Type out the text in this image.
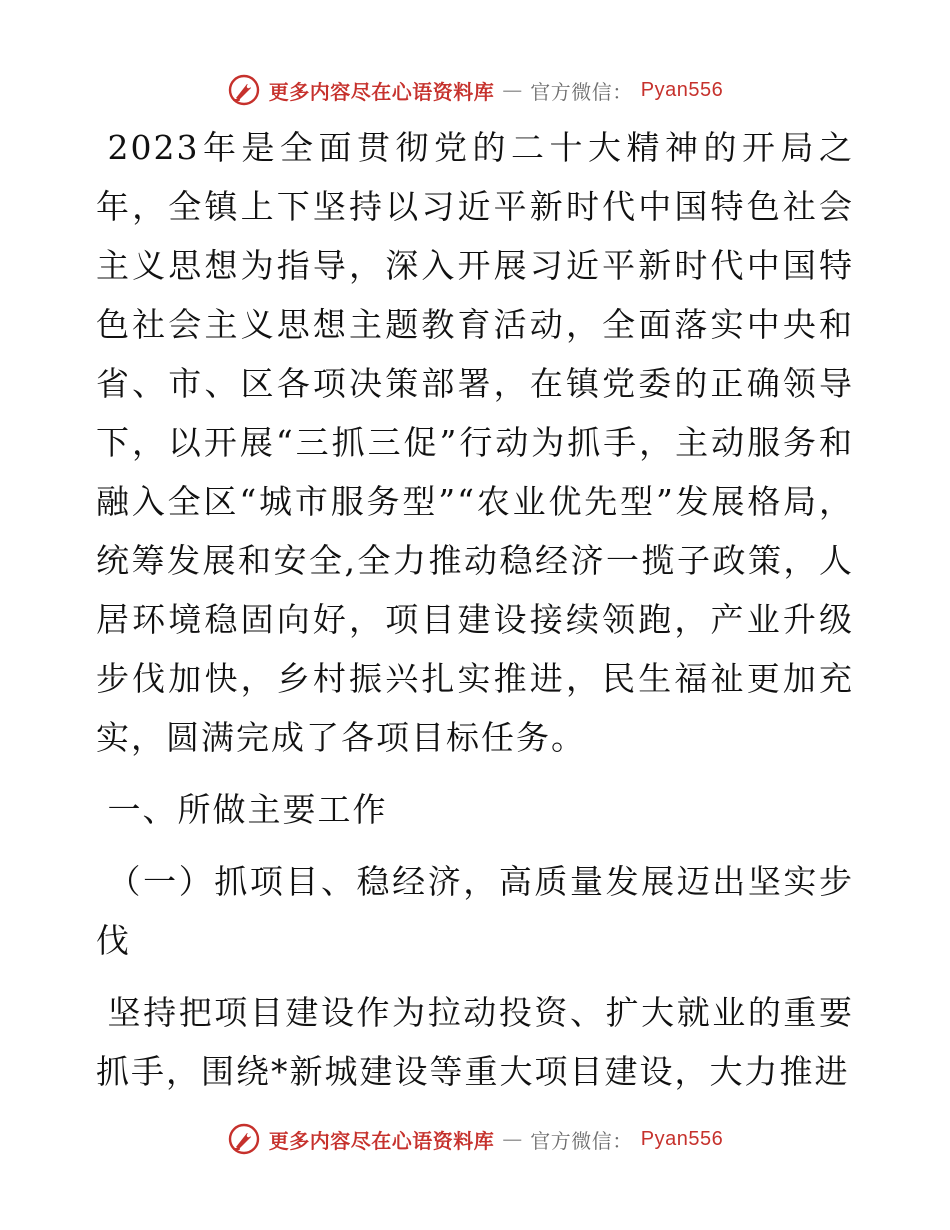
更多内容尽在心语资料库 — 官方微信： Pyan556

2023年是全面贯彻党的二十大精神的开局之年，全镇上下坚持以习近平新时代中国特色社会主义思想为指导，深入开展习近平新时代中国特色社会主义思想主题教育活动，全面落实中央和省、市、区各项决策部署，在镇党委的正确领导下，以开展“三抓三促”行动为抓手，主动服务和融入全区“城市服务型”“农业优先型”发展格局，统筹发展和安全,全力推动稳经济一揽子政策，人居环境稳固向好，项目建设接续领跑，产业升级步伐加快，乡村振兴扎实推进，民生福祉更加充实，圆满完成了各项目标任务。

一、所做主要工作

（一）抓项目、稳经济，高质量发展迈出坚实步伐

坚持把项目建设作为拉动投资、扩大就业的重要抓手，围绕*新城建设等重大项目建设，大力推进

更多内容尽在心语资料库 — 官方微信： Pyan556
